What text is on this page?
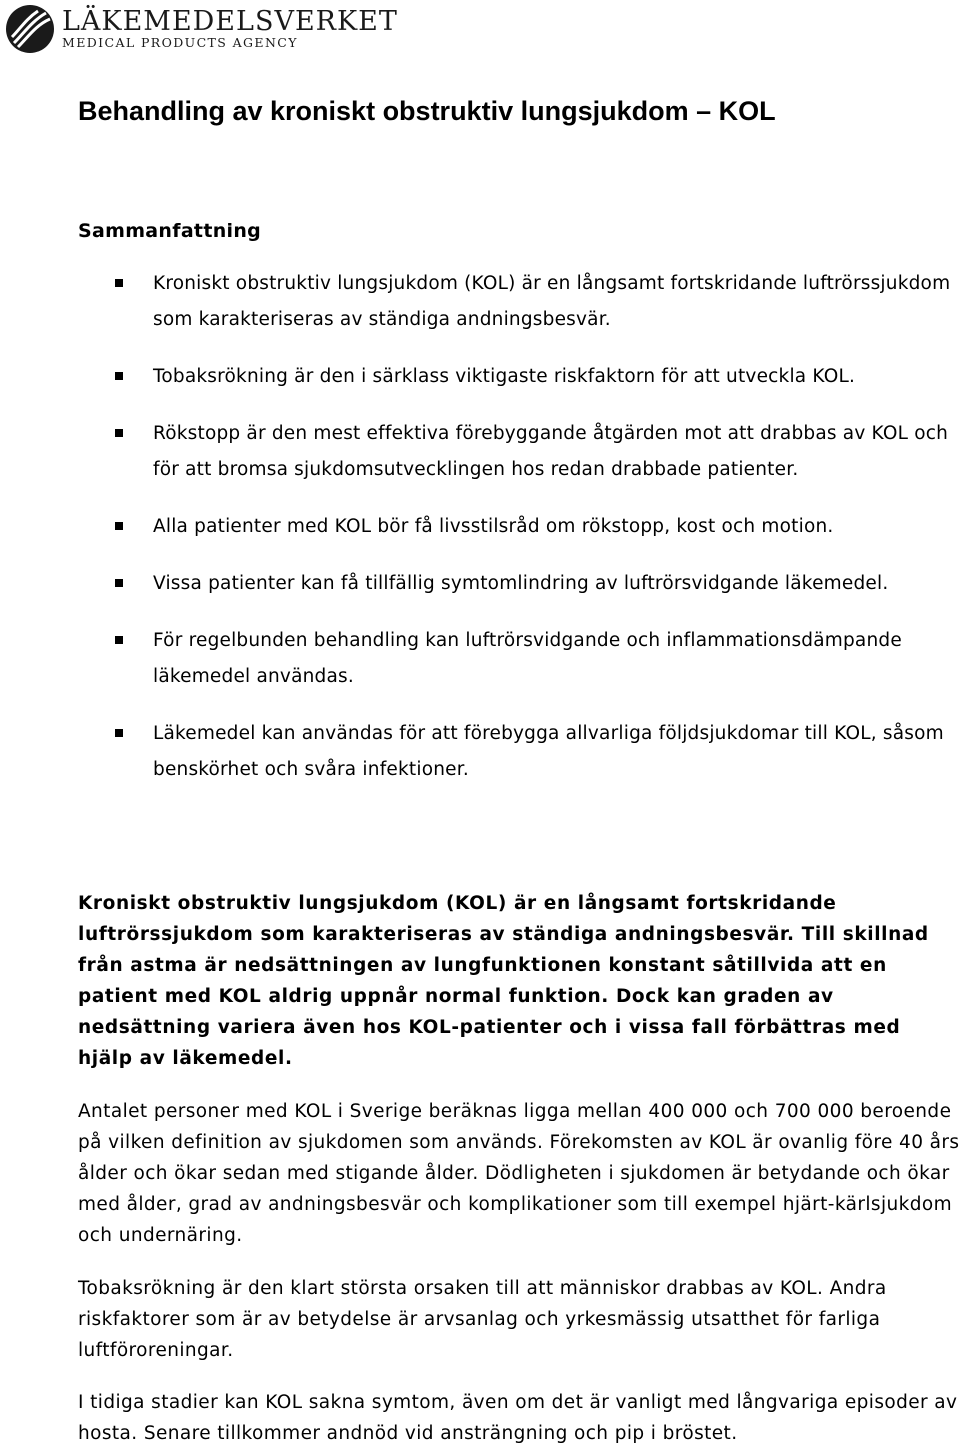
LÄKEMEDELSVERKET
MEDICAL PRODUCTS AGENCY
Behandling av kroniskt obstruktiv lungsjukdom – KOL
Sammanfattning
Kroniskt obstruktiv lungsjukdom (KOL) är en långsamt fortskridande luftrörssjukdom som karakteriseras av ständiga andningsbesvär.
Tobaksrökning är den i särklass viktigaste riskfaktorn för att utveckla KOL.
Rökstopp är den mest effektiva förebyggande åtgärden mot att drabbas av KOL och för att bromsa sjukdomsutvecklingen hos redan drabbade patienter.
Alla patienter med KOL bör få livsstilsråd om rökstopp, kost och motion.
Vissa patienter kan få tillfällig symtomlindring av luftrörsvidgande läkemedel.
För regelbunden behandling kan luftrörsvidgande och inflammationsdämpande läkemedel användas.
Läkemedel kan användas för att förebygga allvarliga följdsjukdomar till KOL, såsom benskörhet och svåra infektioner.

Kroniskt obstruktiv lungsjukdom (KOL) är en långsamt fortskridande luftrörssjukdom som karakteriseras av ständiga andningsbesvär. Till skillnad från astma är nedsättningen av lungfunktionen konstant såtillvida att en patient med KOL aldrig uppnår normal funktion. Dock kan graden av nedsättning variera även hos KOL-patienter och i vissa fall förbättras med hjälp av läkemedel.

Antalet personer med KOL i Sverige beräknas ligga mellan 400 000 och 700 000 beroende på vilken definition av sjukdomen som används. Förekomsten av KOL är ovanlig före 40 års ålder och ökar sedan med stigande ålder. Dödligheten i sjukdomen är betydande och ökar med ålder, grad av andningsbesvär och komplikationer som till exempel hjärt-kärlsjukdom och undernäring.

Tobaksrökning är den klart största orsaken till att människor drabbas av KOL. Andra riskfaktorer som är av betydelse är arvsanlag och yrkesmässig utsatthet för farliga luftföroreningar.

I tidiga stadier kan KOL sakna symtom, även om det är vanligt med långvariga episoder av hosta. Senare tillkommer andnöd vid ansträngning och pip i bröstet.
